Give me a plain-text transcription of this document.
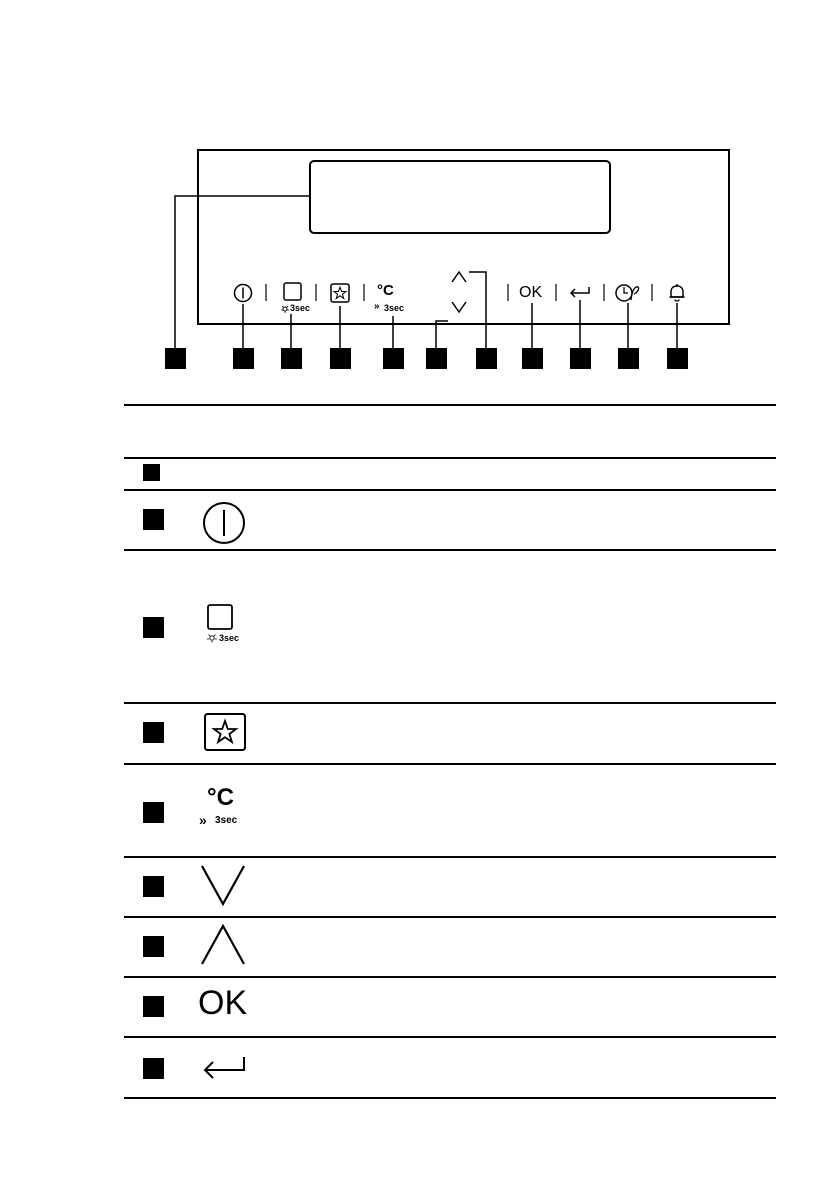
3sec
°C
» 3sec
OK
3sec
°C
» 3sec
OK
